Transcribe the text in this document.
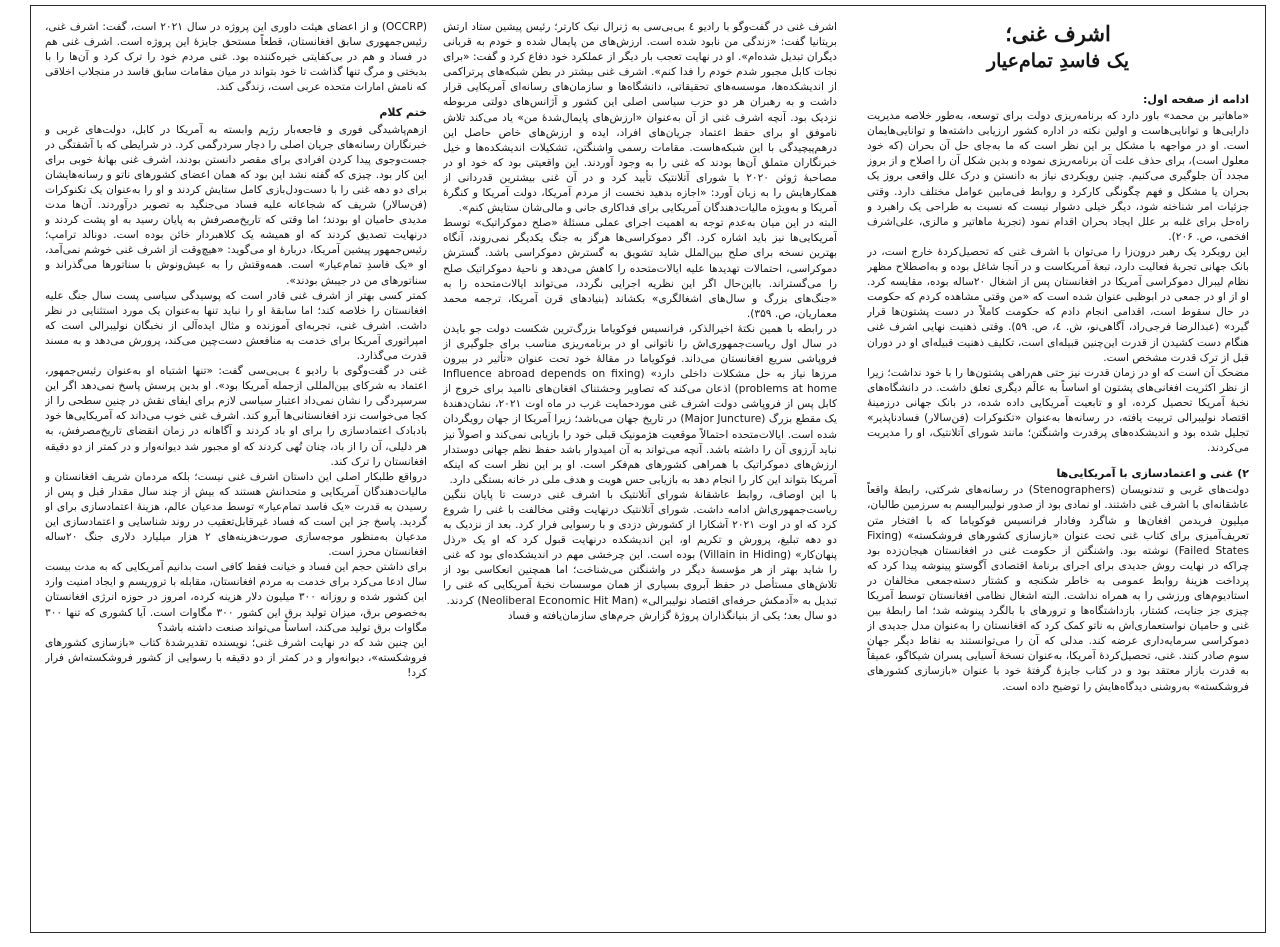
اشرف غنی؛
یک فاسدِ تمام‌عیار
ادامه از صفحه اول:

«ماهاتیر بن محمد» باور دارد که برنامه‌ریزی دولت برای توسعه، به‌طور خلاصه مدیریت دارایی‌ها و توانایی‌هاست و اولین نکته در اداره کشور ارزیابی داشته‌ها و توانایی‌هایمان است. او در مواجهه با مشکل بر این نظر است که ما به‌جای حل آن بحران (که خود معلول است)، برای حذف علت آن برنامه‌ریزی نموده و بدین شکل آن را اصلاح و از بروز مجدد آن جلوگیری می‌کنیم. چنین رویکردی نیاز به دانستن و درک علل واقعی بروز یک بحران یا مشکل و فهم چگونگی کارکرد و روابط فی‌مابین عوامل مختلف دارد. وقتی جزئیات امر شناخته شود، دیگر خیلی دشوار نیست که نسبت به طراحی یک راهبرد و راه‌حل برای غلبه بر علل ایجاد بحران اقدام نمود (تجربهٔ ماهاتیر و مالزی، علی‌اشرف افخمی، ص. ۲۰۶).

این رویکرد یک رهبر درون‌زا را می‌توان با اشرف غنی که تحصیل‌کردهٔ خارج است، در بانک جهانی تجربهٔ فعالیت دارد، تبعهٔ آمریکاست و در آنجا شاغل بوده و به‌اصطلاح مظهر نظام لیبرال دموکراسی آمریکا در افغانستان پس از اشغال ۲۰ساله بوده، مقایسه کرد. او از او در جمعی در ابوظبی عنوان شده است که «من وقتی مشاهده کردم که حکومت در حال سقوط است، اقدامی انجام دادم که حکومت کاملاً در دست پشتون‌ها قرار گیرد» (عبدالرضا فرجی‌راد، آگاهی‌نو، ش. ٤، ص. ۵۹). وقتی ذهنیت نهایی اشرف غنی هنگام دست کشیدن از قدرت این‌چنین قبیله‌ای است، تکلیف ذهنیت قبیله‌ای او در دوران قبل از ترک قدرت مشخص است.

مضحک آن است که او در زمان قدرت نیز حتی هم‌راهی پشتون‌ها را با خود نداشت؛ زیرا از نظر اکثریت افغانی‌های پشتون او اساساً به عالَم دیگری تعلق داشت. در دانشگاه‌های نخبهٔ آمریکا تحصیل کرده، او و تابعیت آمریکایی داده شده، در بانک جهانی درزمینهٔ اقتصاد نولیبرالی تربیت یافته، در رسانه‌ها به‌عنوان «تکنوکرات (فن‌سالار) فسادناپذیر» تجلیل شده بود و اندیشکده‌های پرقدرت واشنگتن؛ مانند شورای آتلانتیک، او را مدیریت می‌کردند.

۲) غنی و اعتمادسازی با آمریکایی‌ها

دولت‌های غربی و تندنویسان (Stenographers) در رسانه‌های شرکتی، رابطهٔ واقعاً عاشقانه‌ای با اشرف غنی داشتند. او نمادی بود از صدور نولیبرالیسم به سرزمین طالبان، میلیون فریدمن افغان‌ها و شاگرد وفادار فرانسیس فوکویاما که با افتخار متن تعریف‌آمیزی برای کتاب غنی تحت عنوان «بازسازی کشورهای فروشکسته» (Fixing Failed States) نوشته بود. واشنگتن از حکومت غنی در افغانستان هیجان‌زده بود چراکه در نهایت روش جدیدی برای اجرای برنامهٔ اقتصادی آگوستو پینوشه پیدا کرد که پرداخت هزینهٔ روابط عمومی به خاطر شکنجه و کشتار دسته‌جمعی مخالفان در استادیوم‌های ورزشی را به همراه نداشت. البته اشغال نظامی افغانستان توسط آمریکا چیزی جز جنایت، کشتار، بازداشتگاه‌ها و ترورهای با بالگرد پینوشه شد؛ اما رابطهٔ بین غنی و حامیان نواستعماری‌اش به ناتو کمک کرد که افغانستان را به‌عنوان مدل جدیدی از دموکراسی سرمایه‌داری عرضه کند. مدلی که آن را می‌توانستند به نقاط دیگر جهان سوم صادر کنند. غنی، تحصیل‌کردهٔ آمریکا، به‌عنوان نسخهٔ آسیایی پسران شیکاگو، عمیقاً به قدرت بازار معتقد بود و در کتاب جایزهٔ گرفتهٔ خود با عنوان «بازسازی کشورهای فروشکسته» به‌روشنی دیدگاه‌هایش را توضیح داده است.

اشرف غنی در گفت‌وگو با رادیو ٤ بی‌بی‌سی به ژنرال نیک کارتر؛ رئیس پیشین ستاد ارتش بریتانیا گفت: «زندگی من نابود شده است. ارزش‌های من پایمال شده و خودم به قربانی دیگران تبدیل شده‌ام». او در نهایت تعجب بار دیگر از عملکرد خود دفاع کرد و گفت: «برای نجات کابل مجبور شدم خودم را فدا کنم». اشرف غنی بیشتر در بطن شبکه‌های پرتراکمی از اندیشکده‌ها، موسسه‌های تحقیقاتی، دانشگاه‌ها و سازمان‌های رسانه‌ای آمریکایی قرار داشت و به رهبران هر دو حزب سیاسی اصلی این کشور و آژانس‌های دولتی مربوطه نزدیک بود. آنچه اشرف غنی از آن به‌عنوان «ارزش‌های پایمال‌شدهٔ من» یاد می‌کند تلاش ناموفق او برای حفظ اعتماد جریان‌های افراد، ایده و ارزش‌های خاص حاصل این درهم‌پیچیدگی با این شبکه‌هاست. مقامات رسمی واشنگتن، تشکیلات اندیشکده‌ها و خیل خبرنگاران متملق آن‌ها بودند که غنی را به وجود آوردند. این واقعیتی بود که خود او در مصاحبهٔ ژوئن ۲۰۲۰ با شورای آتلانتیک تأیید کرد و در آن غنی بیشترین قدردانی از همکارهایش را به زبان آورد: «اجازه بدهید نخست از مردم آمریکا، دولت آمریکا و کنگرهٔ آمریکا و به‌ویژه مالیات‌دهندگان آمریکایی برای فداکاری جانی و مالی‌شان ستایش کنم».

البته در این میان به‌عدم توجه به اهمیت اجرای عملی مسئلهٔ «صلح دموکراتیک» توسط آمریکایی‌ها نیز باید اشاره کرد. اگر دموکراسی‌ها هرگز به جنگ یکدیگر نمی‌روند، آنگاه بهترین نسخه برای صلح بین‌الملل شاید تشویق به گسترش دموکراسی باشد. گسترش دموکراسی، احتمالات تهدیدها علیه ایالات‌متحده را کاهش می‌دهد و ناحیهٔ دموکراتیک صلح را می‌گستراند. بااین‌حال اگر این نظریه اجرایی نگردد، می‌تواند ایالات‌متحده را به «جنگ‌های بزرگ و سال‌های اشغالگری» بکشاند (بنیادهای قرن آمریکا، ترجمه محمد معماریان، ص. ۳۵۹).

در رابطه با همین نکتهٔ اخیرالذکر، فرانسیس فوکویاما بزرگ‌ترین شکست دولت جو بایدن در سال اول ریاست‌جمهوری‌اش را ناتوانی او در برنامه‌ریزی مناسب برای جلوگیری از فروپاشی سریع افغانستان می‌داند. فوکویاما در مقالهٔ خود تحت عنوان «تأثیر در بیرون مرزها نیاز به حل مشکلات داخلی دارد» (Influence abroad depends on fixing problems at home) اذعان می‌کند که تصاویر وحشتناک افغان‌های ناامید برای خروج از کابل پس از فروپاشی دولت اشرف غنی مورد‌حمایت غرب در ماه اوت ۲۰۲۱، نشان‌دهندهٔ یک مقطع بزرگ (Major Juncture) در تاریخ جهان می‌باشد؛ زیرا آمریکا از جهان رویگردان شده است. ایالات‌متحده احتمالاً موقعیت هژمونیک قبلی خود را بازیابی نمی‌کند و اصولاً نیز نباید آرزوی آن را داشته باشد. آنچه می‌تواند به آن امیدوار باشد حفظ نظم جهانی دوستدار ارزش‌های دموکراتیک با همراهی کشورهای هم‌فکر است. او بر این نظر است که اینکه آمریکا بتواند این کار را انجام دهد به بازیابی حس هویت و هدف ملی در خانه بستگی دارد.

با این اوصاف، روابط عاشقانهٔ شورای آتلانتیک با اشرف غنی درست تا پایان ننگین ریاست‌جمهوری‌اش ادامه داشت. شورای آتلانتیک درنهایت وقتی مخالفت با غنی را شروع کرد که او در اوت ۲۰۲۱ آشکارا از کشورش دزدی و با رسوایی فرار کرد. بعد از نزدیک به دو دهه تبلیغ، پرورش و تکریم او، این اندیشکده درنهایت قبول کرد که او یک «رذل پنهان‌کار» (Villain in Hiding) بوده است. این چرخشی مهم در اندیشکده‌ای بود که غنی را شاید بهتر از هر مؤسسهٔ دیگر در واشنگتن می‌شناخت؛ اما همچنین انعکاسی بود از تلاش‌های مستأصل در حفظ آبروی بسیاری از همان موسسات نخبهٔ آمریکایی که غنی را تبدیل به «آدمکش حرفه‌ای اقتصاد نولیبرالی» (Neoliberal Economic Hit Man) کردند.

دو سال بعد؛ یکی از بنیانگذاران پروژهٔ گزارش جرم‌های سازمان‌یافته و فساد

(OCCRP) و از اعضای هیئت داوری این پروژه در سال ۲۰۲۱ است، گفت: اشرف غنی، رئیس‌جمهوری سابق افغانستان، قطعاً مستحق جایزهٔ این پروژه است. اشرف غنی هم در فساد و هم در بی‌کفایتی خیره‌کننده بود. غنی مردم خود را ترک کرد و آن‌ها را با بدبختی و مرگ تنها گذاشت تا خود بتواند در میان مقامات سابق فاسد در منجلاب اخلاقی که نامش امارات متحده عربی است، زندگی کند.

ختم کلام

ازهم‌پاشیدگی فوری و فاجعه‌بار رژیم وابسته به آمریکا در کابل، دولت‌های غربی و خبرنگاران رسانه‌های جریان اصلی را دچار سردرگمی کرد. در شرایطی که با آشفتگی در جست‌وجوی پیدا کردن افرادی برای مقصر دانستن بودند، اشرف غنی بهانهٔ خوبی برای این کار بود. چیزی که گفته نشد این بود که همان اعضای کشورهای ناتو و رسانه‌هایشان برای دو دهه غنی را با دست‌ودل‌بازی کامل ستایش کردند و او را به‌عنوان یک تکنوکرات (فن‌سالار) شریف که شجاعانه علیه فساد می‌جنگید به تصویر درآوردند. آن‌ها مدت مدیدی حامیان او بودند؛ اما وقتی که تاریخ‌مصرفش به پایان رسید به او پشت کردند و درنهایت تصدیق کردند که او همیشه یک کلاهبردار خائن بوده است. دونالد ترامپ؛ رئیس‌جمهور پیشین آمریکا، دربارهٔ او می‌گوید: «هیچ‌وقت از اشرف غنی خوشم نمی‌آمد، او «یک فاسدِ تمام‌عیار» است. همه‌وقتش را به عیش‌ونوش با سناتورها می‌گذراند و سناتورهای من در جیبش بودند».

کمتر کسی بهتر از اشرف غنی قادر است که پوسیدگی سیاسی پست سال جنگ علیه افغانستان را خلاصه کند؛ اما سابقهٔ او را نباید تنها به‌عنوان یک مورد استثنایی در نظر داشت. اشرف غنی، تجربه‌ای آموزنده و مثال ایده‌آلی از نخبگان نولیبرالی است که امپراتوری آمریکا برای خدمت به منافعش دست‌چین می‌کند، پرورش می‌دهد و به مسند قدرت می‌گذارد.

غنی در گفت‌وگوی با رادیو ٤ بی‌بی‌سی گفت: «تنها اشتباه او به‌عنوان رئیس‌جمهور، اعتماد به شرکای بین‌المللی ازجمله آمریکا بود». او بدین پرسش پاسخ نمی‌دهد اگر این سرسپردگی را نشان نمی‌داد اعتبار سیاسی لازم برای ایفای نقش در چنین سطحی را از کجا می‌خواست نزد افغانستانی‌ها آبرو کند. اشرف غنی خوب می‌داند که آمریکایی‌ها خود بادبادک اعتمادسازی را برای او باد کردند و آگاهانه در زمان انقضای تاریخ‌مصرفش، به هر دلیلی، آن را از باد، چنان تُهی کردند که او مجبور شد دیوانه‌وار و در کمتر از دو دقیقه افغانستان را ترک کند.

درواقع طلبکار اصلی این داستان اشرف غنی نیست؛ بلکه مردمان شریف افغانستان و مالیات‌دهندگان آمریکایی و متحدانش هستند که بیش از چند سال مقدار قبل و پس از رسیدن به قدرت «یک فاسد تمام‌عیار» توسط مدعیان عالم، هزینهٔ اعتمادسازی برای او گردید. پاسخ جز این است که فساد غیرقابل‌تعقیب در روند شناسایی و اعتمادسازی این مدعیان به‌منظور موجه‌سازی صورت‌هزینه‌های ۲ هزار میلیارد دلاری جنگ ۲۰ساله افغانستان محرز است.

برای داشتن حجم این فساد و خیانت فقط کافی است بدانیم آمریکایی که به مدت بیست سال ادعا می‌کرد برای خدمت به مردم افغانستان، مقابله با تروریسم و ایجاد امنیت وارد این کشور شده و روزانه ۳۰۰ میلیون دلار هزینه کرده، امروز در حوزه انرژی افغانستان به‌خصوص برق، میزان تولید برق این کشور ۳۰۰ مگاوات است. آیا کشوری که تنها ۳۰۰ مگاوات برق تولید می‌کند، اساساً می‌تواند صنعت داشته باشد؟

این چنین شد که در نهایت اشرف غنی؛ نویسنده تقدیرشدهٔ کتاب «بازسازی کشورهای فروشکسته»، دیوانه‌وار و در کمتر از دو دقیقه با رسوایی از کشور فروشکسته‌اش فرار کرد!
